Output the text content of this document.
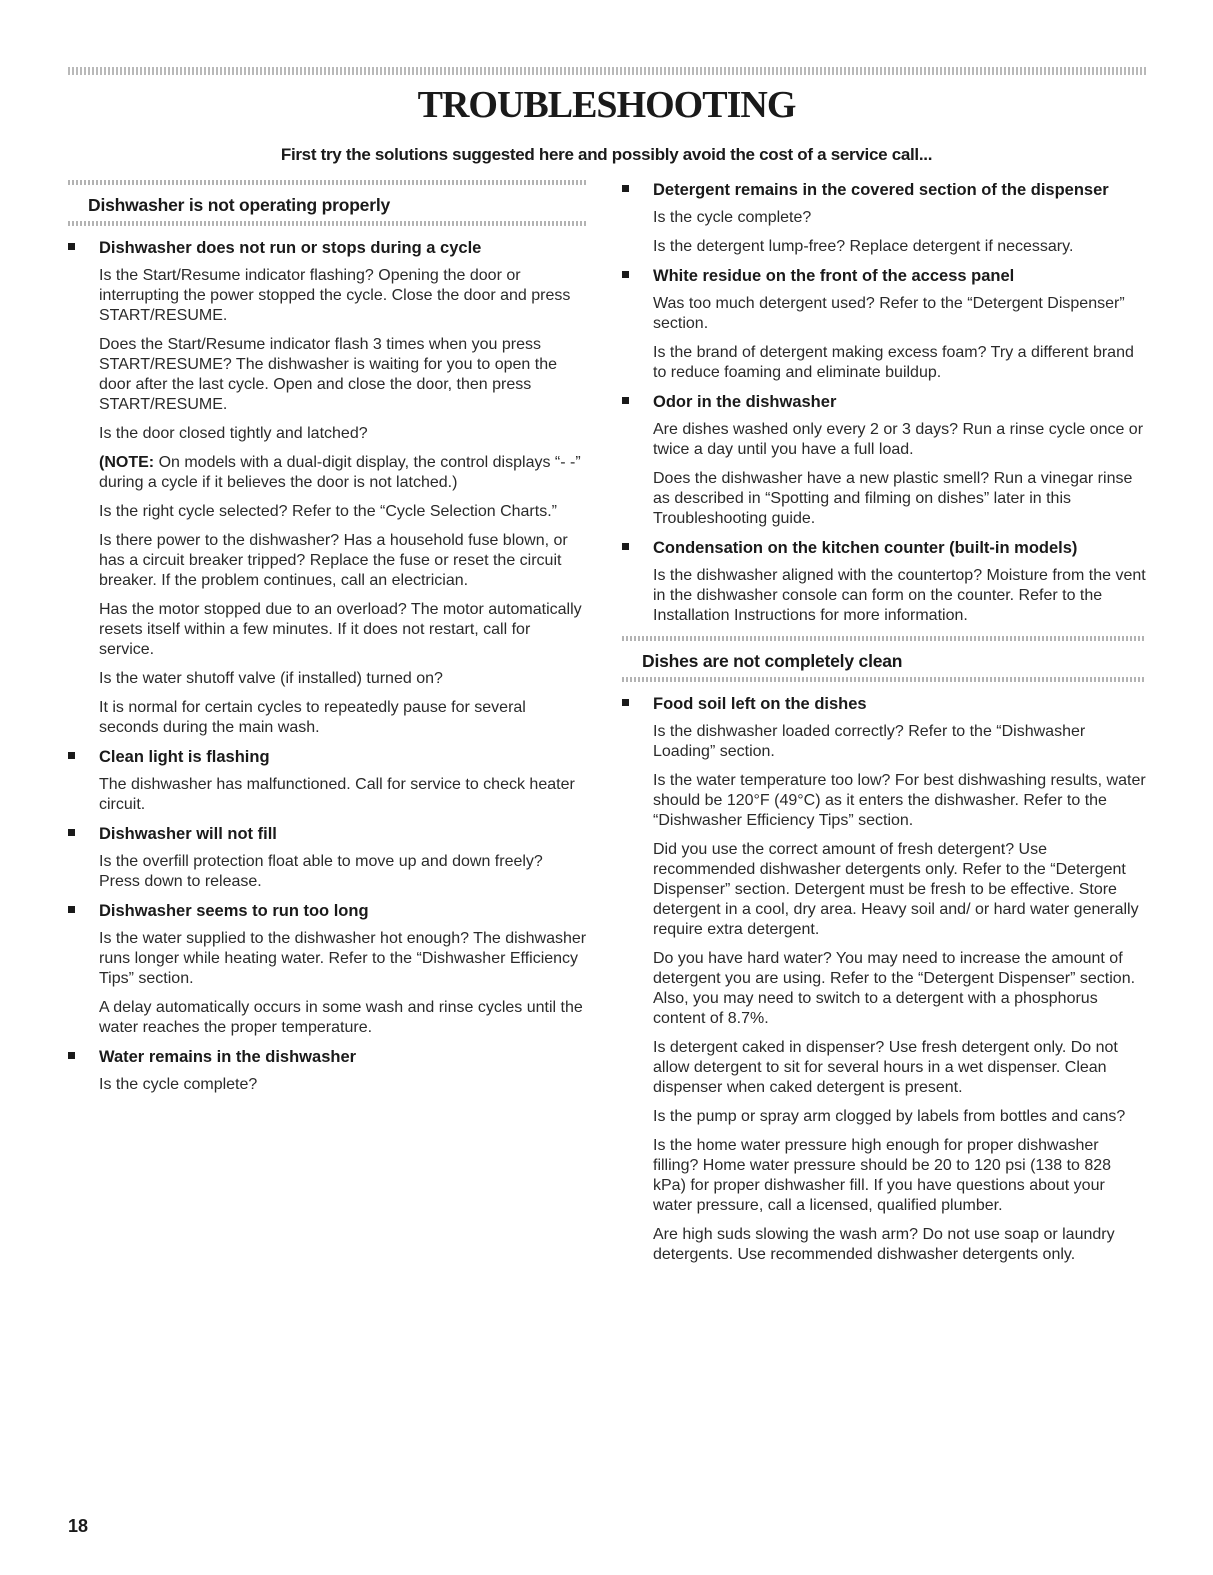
TROUBLESHOOTING
First try the solutions suggested here and possibly avoid the cost of a service call...
Dishwasher is not operating properly
Dishwasher does not run or stops during a cycle

Is the Start/Resume indicator flashing? Opening the door or interrupting the power stopped the cycle. Close the door and press START/RESUME.

Does the Start/Resume indicator flash 3 times when you press START/RESUME? The dishwasher is waiting for you to open the door after the last cycle. Open and close the door, then press START/RESUME.

Is the door closed tightly and latched?

(NOTE: On models with a dual-digit display, the control displays “- -” during a cycle if it believes the door is not latched.)

Is the right cycle selected? Refer to the “Cycle Selection Charts.”

Is there power to the dishwasher? Has a household fuse blown, or has a circuit breaker tripped? Replace the fuse or reset the circuit breaker. If the problem continues, call an electrician.

Has the motor stopped due to an overload? The motor automatically resets itself within a few minutes. If it does not restart, call for service.

Is the water shutoff valve (if installed) turned on?

It is normal for certain cycles to repeatedly pause for several seconds during the main wash.

Clean light is flashing

The dishwasher has malfunctioned. Call for service to check heater circuit.

Dishwasher will not fill

Is the overfill protection float able to move up and down freely? Press down to release.

Dishwasher seems to run too long

Is the water supplied to the dishwasher hot enough? The dishwasher runs longer while heating water. Refer to the “Dishwasher Efficiency Tips” section.

A delay automatically occurs in some wash and rinse cycles until the water reaches the proper temperature.

Water remains in the dishwasher

Is the cycle complete?

Detergent remains in the covered section of the dispenser

Is the cycle complete?

Is the detergent lump-free? Replace detergent if necessary.

White residue on the front of the access panel

Was too much detergent used? Refer to the “Detergent Dispenser” section.

Is the brand of detergent making excess foam? Try a different brand to reduce foaming and eliminate buildup.

Odor in the dishwasher

Are dishes washed only every 2 or 3 days? Run a rinse cycle once or twice a day until you have a full load.

Does the dishwasher have a new plastic smell? Run a vinegar rinse as described in “Spotting and filming on dishes” later in this Troubleshooting guide.

Condensation on the kitchen counter (built-in models)

Is the dishwasher aligned with the countertop? Moisture from the vent in the dishwasher console can form on the counter. Refer to the Installation Instructions for more information.

Dishes are not completely clean
Food soil left on the dishes

Is the dishwasher loaded correctly? Refer to the “Dishwasher Loading” section.

Is the water temperature too low? For best dishwashing results, water should be 120°F (49°C) as it enters the dishwasher. Refer to the “Dishwasher Efficiency Tips” section.

Did you use the correct amount of fresh detergent? Use recommended dishwasher detergents only. Refer to the “Detergent Dispenser” section. Detergent must be fresh to be effective. Store detergent in a cool, dry area. Heavy soil and/ or hard water generally require extra detergent.

Do you have hard water? You may need to increase the amount of detergent you are using. Refer to the “Detergent Dispenser” section. Also, you may need to switch to a detergent with a phosphorus content of 8.7%.

Is detergent caked in dispenser? Use fresh detergent only. Do not allow detergent to sit for several hours in a wet dispenser. Clean dispenser when caked detergent is present.

Is the pump or spray arm clogged by labels from bottles and cans?

Is the home water pressure high enough for proper dishwasher filling? Home water pressure should be 20 to 120 psi (138 to 828 kPa) for proper dishwasher fill. If you have questions about your water pressure, call a licensed, qualified plumber.

Are high suds slowing the wash arm? Do not use soap or laundry detergents. Use recommended dishwasher detergents only.

18
